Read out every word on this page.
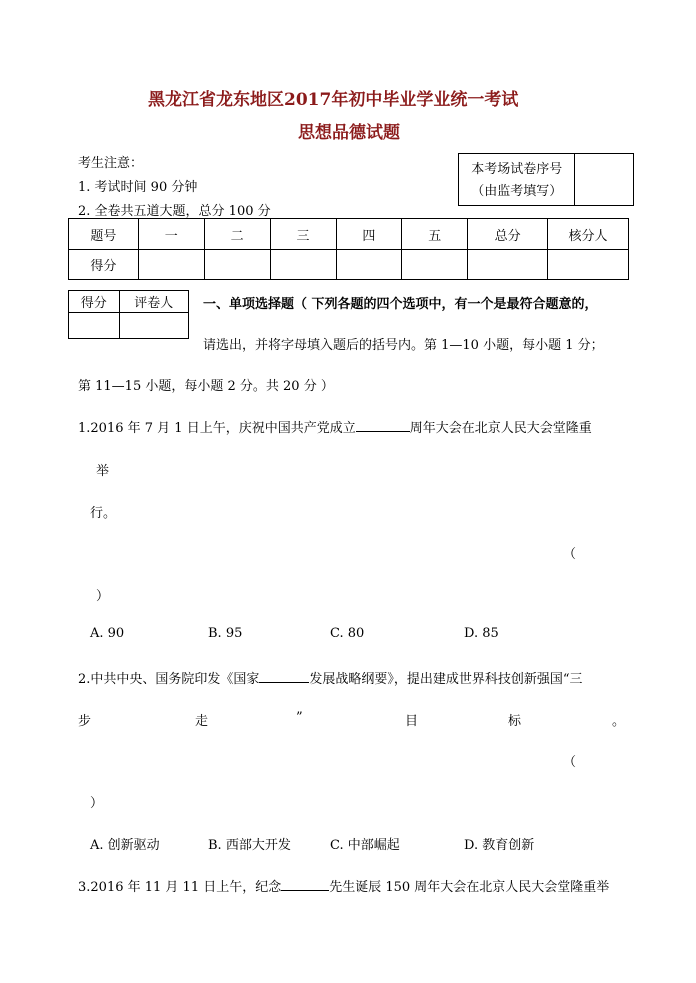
黑龙江省龙东地区2017年初中毕业学业统一考试
思想品德试题
考生注意：
1. 考试时间 90 分钟
2. 全卷共五道大题，总分 100 分
本考场试卷序号
（由监考填写）

题号	一	二	三	四	五	总分	核分人
得分							
得分	评卷人
	一、单项选择题（ 下列各题的四个选项中，有一个是最符合题意的，
请选出，并将字母填入题后的括号内。第 1—10 小题，每小题 1 分；
第 11—15 小题，每小题 2 分。共 20 分 ）
1.2016 年 7 月 1 日上午，庆祝中国共产党成立	周年大会在北京人民大会堂隆重
举
行。
（
）
A. 90	B. 95	C. 80	D. 85
2.中共中央、国务院印发《国家	发展战略纲要》，提出建成世界科技创新强国“三
步	走	”	目	标	。
（
）
A. 创新驱动	B. 西部大开发	C. 中部崛起	D. 教育创新
3.2016 年 11 月 11 日上午，纪念	先生诞辰 150 周年大会在北京人民大会堂隆重举
